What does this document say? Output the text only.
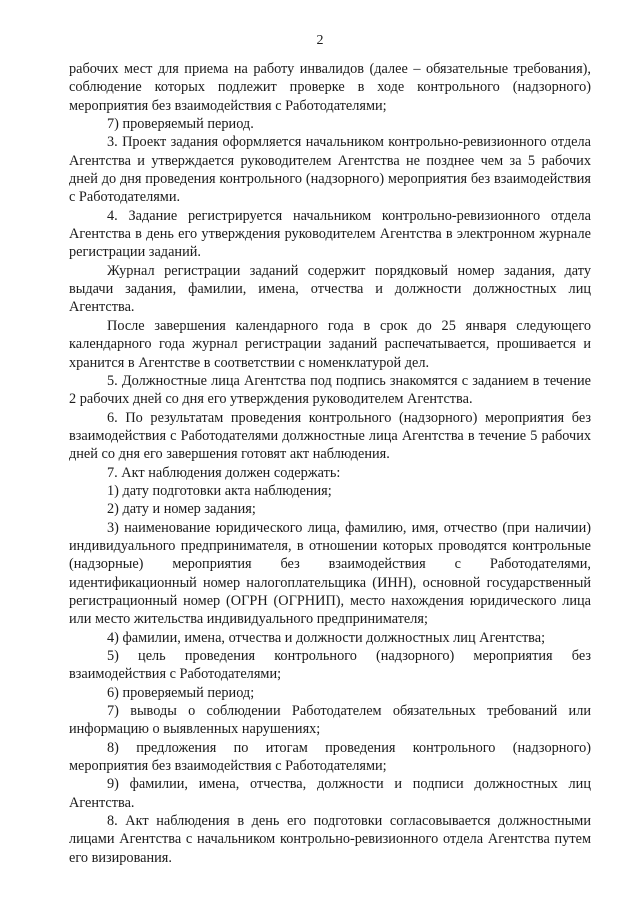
2

рабочих мест для приема на работу инвалидов (далее – обязательные требования), соблюдение которых подлежит проверке в ходе контрольного (надзорного) мероприятия без взаимодействия с Работодателями;

7) проверяемый период.

3. Проект задания оформляется начальником контрольно-ревизионного отдела Агентства и утверждается руководителем Агентства не позднее чем за 5 рабочих дней до дня проведения контрольного (надзорного) мероприятия без взаимодействия с Работодателями.

4. Задание регистрируется начальником контрольно-ревизионного отдела Агентства в день его утверждения руководителем Агентства в электронном журнале регистрации заданий.

Журнал регистрации заданий содержит порядковый номер задания, дату выдачи задания, фамилии, имена, отчества и должности должностных лиц Агентства.

После завершения календарного года в срок до 25 января следующего календарного года журнал регистрации заданий распечатывается, прошивается и хранится в Агентстве в соответствии с номенклатурой дел.

5. Должностные лица Агентства под подпись знакомятся с заданием в течение 2 рабочих дней со дня его утверждения руководителем Агентства.

6. По результатам проведения контрольного (надзорного) мероприятия без взаимодействия с Работодателями должностные лица Агентства в течение 5 рабочих дней со дня его завершения готовят акт наблюдения.

7. Акт наблюдения должен содержать:

1) дату подготовки акта наблюдения;

2) дату и номер задания;

3) наименование юридического лица, фамилию, имя, отчество (при наличии) индивидуального предпринимателя, в отношении которых проводятся контрольные (надзорные) мероприятия без взаимодействия с Работодателями, идентификационный номер налогоплательщика (ИНН), основной государственный регистрационный номер (ОГРН (ОГРНИП), место нахождения юридического лица или место жительства индивидуального предпринимателя;

4) фамилии, имена, отчества и должности должностных лиц Агентства;

5) цель проведения контрольного (надзорного) мероприятия без взаимодействия с Работодателями;

6) проверяемый период;

7) выводы о соблюдении Работодателем обязательных требований или информацию о выявленных нарушениях;

8) предложения по итогам проведения контрольного (надзорного) мероприятия без взаимодействия с Работодателями;

9) фамилии, имена, отчества, должности и подписи должностных лиц Агентства.

8. Акт наблюдения в день его подготовки согласовывается должностными лицами Агентства с начальником контрольно-ревизионного отдела Агентства путем его визирования.
